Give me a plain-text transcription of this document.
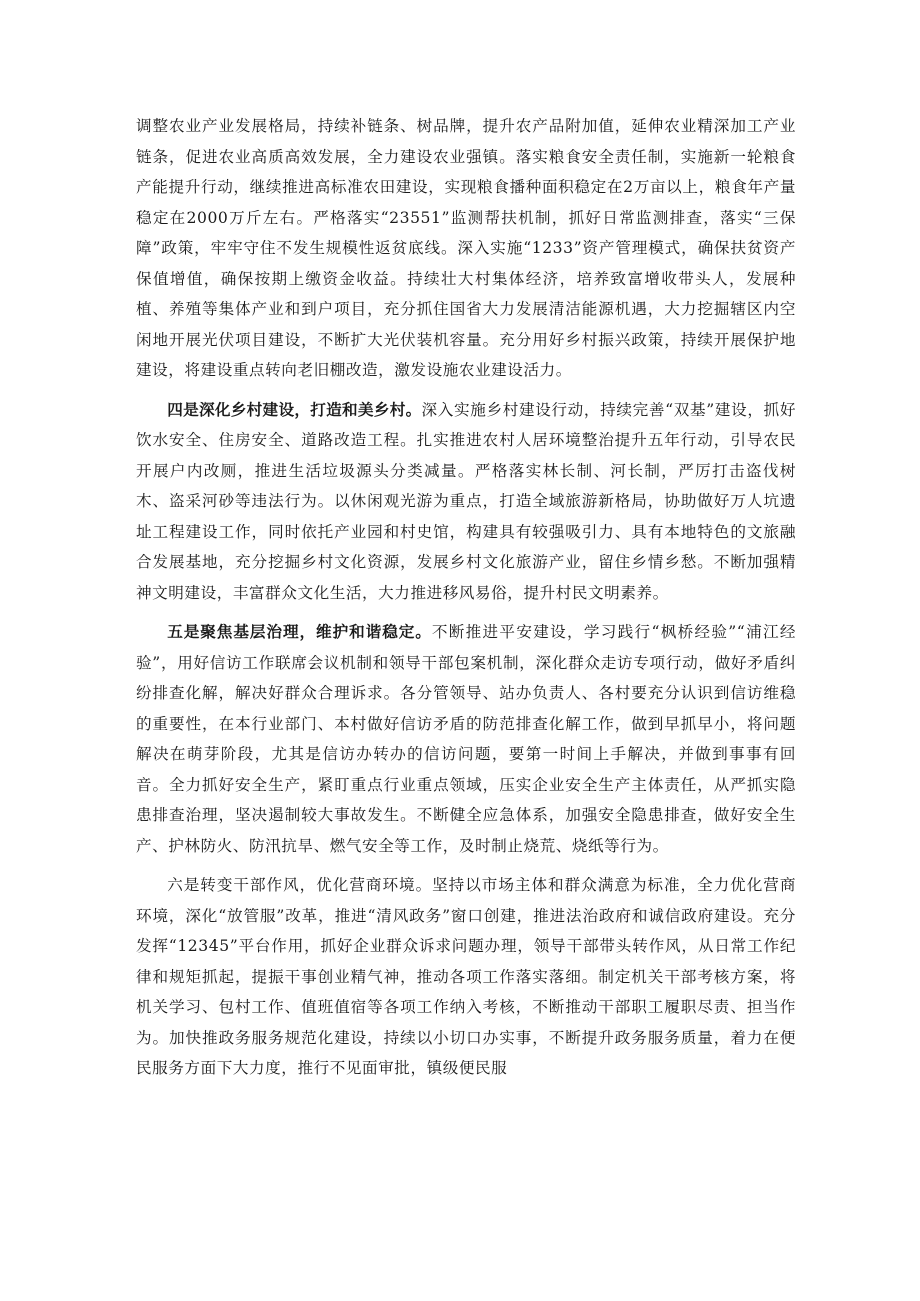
调整农业产业发展格局，持续补链条、树品牌，提升农产品附加值，延伸农业精深加工产业链条，促进农业高质高效发展，全力建设农业强镇。落实粮食安全责任制，实施新一轮粮食产能提升行动，继续推进高标准农田建设，实现粮食播种面积稳定在2万亩以上，粮食年产量稳定在2000万斤左右。严格落实“23551”监测帮扶机制，抓好日常监测排查，落实“三保障”政策，牢牢守住不发生规模性返贫底线。深入实施“1233”资产管理模式，确保扶贫资产保值增值，确保按期上缴资金收益。持续壮大村集体经济，培养致富增收带头人，发展种植、养殖等集体产业和到户项目，充分抓住国省大力发展清洁能源机遇，大力挖掘辖区内空闲地开展光伏项目建设，不断扩大光伏装机容量。充分用好乡村振兴政策，持续开展保护地建设，将建设重点转向老旧棚改造，激发设施农业建设活力。

四是深化乡村建设，打造和美乡村。深入实施乡村建设行动，持续完善“双基”建设，抓好饮水安全、住房安全、道路改造工程。扎实推进农村人居环境整治提升五年行动，引导农民开展户内改厕，推进生活垃圾源头分类减量。严格落实林长制、河长制，严厉打击盗伐树木、盗采河砂等违法行为。以休闲观光游为重点，打造全域旅游新格局，协助做好万人坑遗址工程建设工作，同时依托产业园和村史馆，构建具有较强吸引力、具有本地特色的文旅融合发展基地，充分挖掘乡村文化资源，发展乡村文化旅游产业，留住乡情乡愁。不断加强精神文明建设，丰富群众文化生活，大力推进移风易俗，提升村民文明素养。

五是聚焦基层治理，维护和谐稳定。不断推进平安建设，学习践行“枫桥经验”“浦江经验”，用好信访工作联席会议机制和领导干部包案机制，深化群众走访专项行动，做好矛盾纠纷排查化解，解决好群众合理诉求。各分管领导、站办负责人、各村要充分认识到信访维稳的重要性，在本行业部门、本村做好信访矛盾的防范排查化解工作，做到早抓早小，将问题解决在萌芽阶段，尤其是信访办转办的信访问题，要第一时间上手解决，并做到事事有回音。全力抓好安全生产，紧盯重点行业重点领域，压实企业安全生产主体责任，从严抓实隐患排查治理，坚决遏制较大事故发生。不断健全应急体系，加强安全隐患排查，做好安全生产、护林防火、防汛抗旱、燃气安全等工作，及时制止烧荒、烧纸等行为。

六是转变干部作风，优化营商环境。坚持以市场主体和群众满意为标准，全力优化营商环境，深化“放管服”改革，推进“清风政务”窗口创建，推进法治政府和诚信政府建设。充分发挥“12345”平台作用，抓好企业群众诉求问题办理，领导干部带头转作风，从日常工作纪律和规矩抓起，提振干事创业精气神，推动各项工作落实落细。制定机关干部考核方案，将机关学习、包村工作、值班值宿等各项工作纳入考核，不断推动干部职工履职尽责、担当作为。加快推政务服务规范化建设，持续以小切口办实事，不断提升政务服务质量，着力在便民服务方面下大力度，推行不见面审批，镇级便民服
